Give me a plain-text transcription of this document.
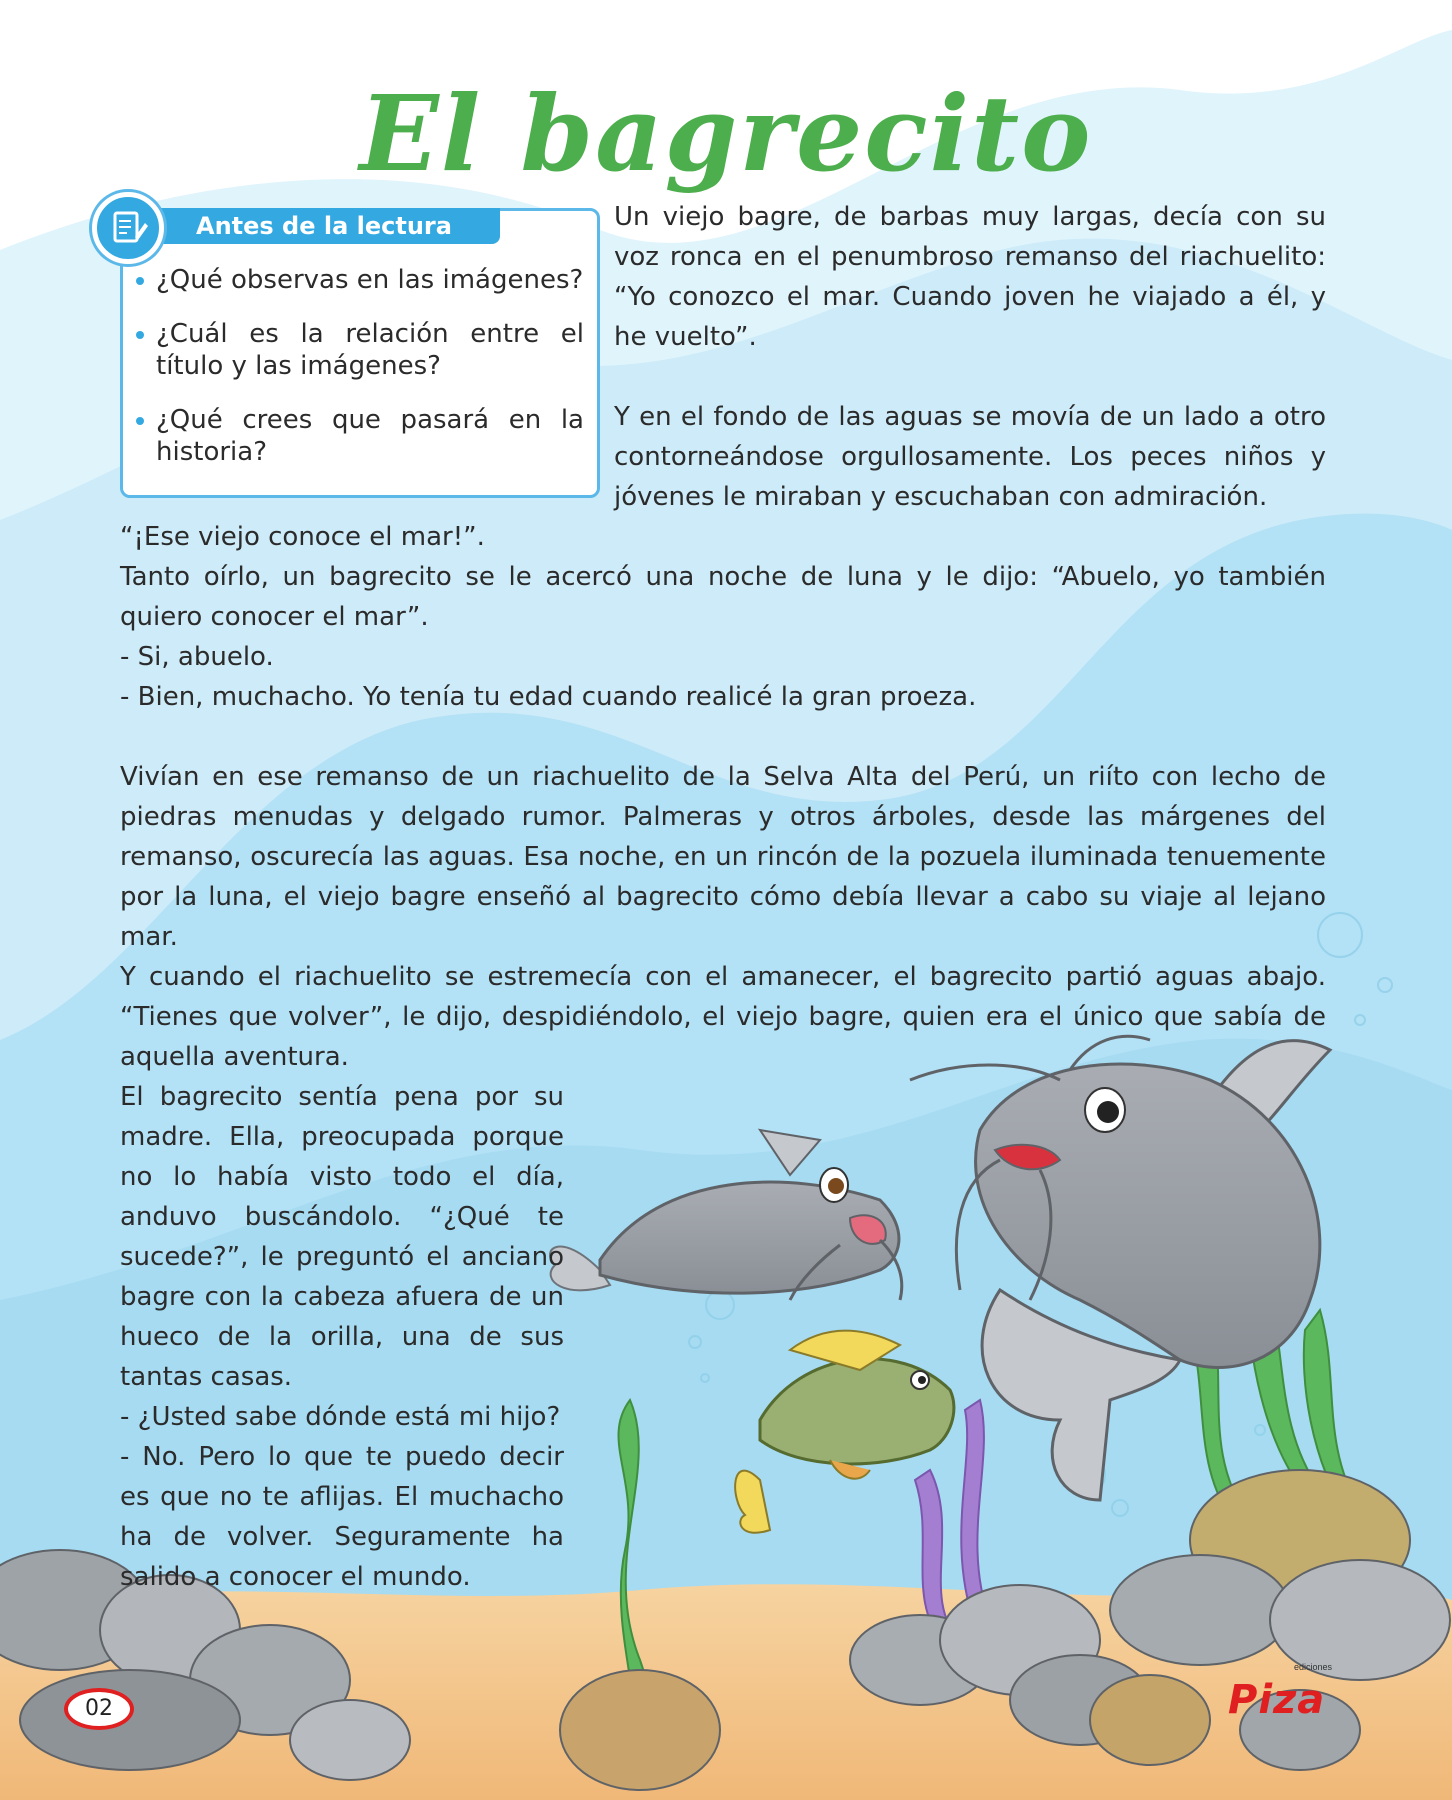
El bagrecito
Antes de la lectura
¿Qué observas en las imágenes?
¿Cuál es la relación entre el título y las imágenes?
¿Qué crees que pasará en la historia?

Un viejo bagre, de barbas muy largas, decía con su voz ronca en el penumbroso remanso del riachuelito: “Yo conozco el mar. Cuando joven he viajado a él, y he vuelto”.

Y en el fondo de las aguas se movía de un lado a otro contorneándose orgullosamente. Los peces niños y jóvenes le miraban y escuchaban con admiración.

“¡Ese viejo conoce el mar!”.

Tanto oírlo, un bagrecito se le acercó una noche de luna y le dijo: “Abuelo, yo también quiero conocer el mar”.

- Si, abuelo.

- Bien, muchacho. Yo tenía tu edad cuando realicé la gran proeza.

Vivían en ese remanso de un riachuelito de la Selva Alta del Perú, un riíto con lecho de piedras menudas y delgado rumor. Palmeras y otros árboles, desde las márgenes del remanso, oscurecía las aguas. Esa noche, en un rincón de la pozuela iluminada tenuemente por la luna, el viejo bagre enseñó al bagrecito cómo debía llevar a cabo su viaje al lejano mar.

Y cuando el riachuelito se estremecía con el amanecer, el bagrecito partió aguas abajo. “Tienes que volver”, le dijo, despidiéndolo, el viejo bagre, quien era el único que sabía de aquella aventura.

El bagrecito sentía pena por su madre. Ella, preocupada porque no lo había visto todo el día, anduvo buscándolo. “¿Qué te sucede?”, le preguntó el anciano bagre con la cabeza afuera de un hueco de la orilla, una de sus tantas casas.

- ¿Usted sabe dónde está mi hijo?

- No. Pero lo que te puedo decir es que no te aflijas. El muchacho ha de volver. Seguramente ha salido a conocer el mundo.

02
ediciones
Piza
